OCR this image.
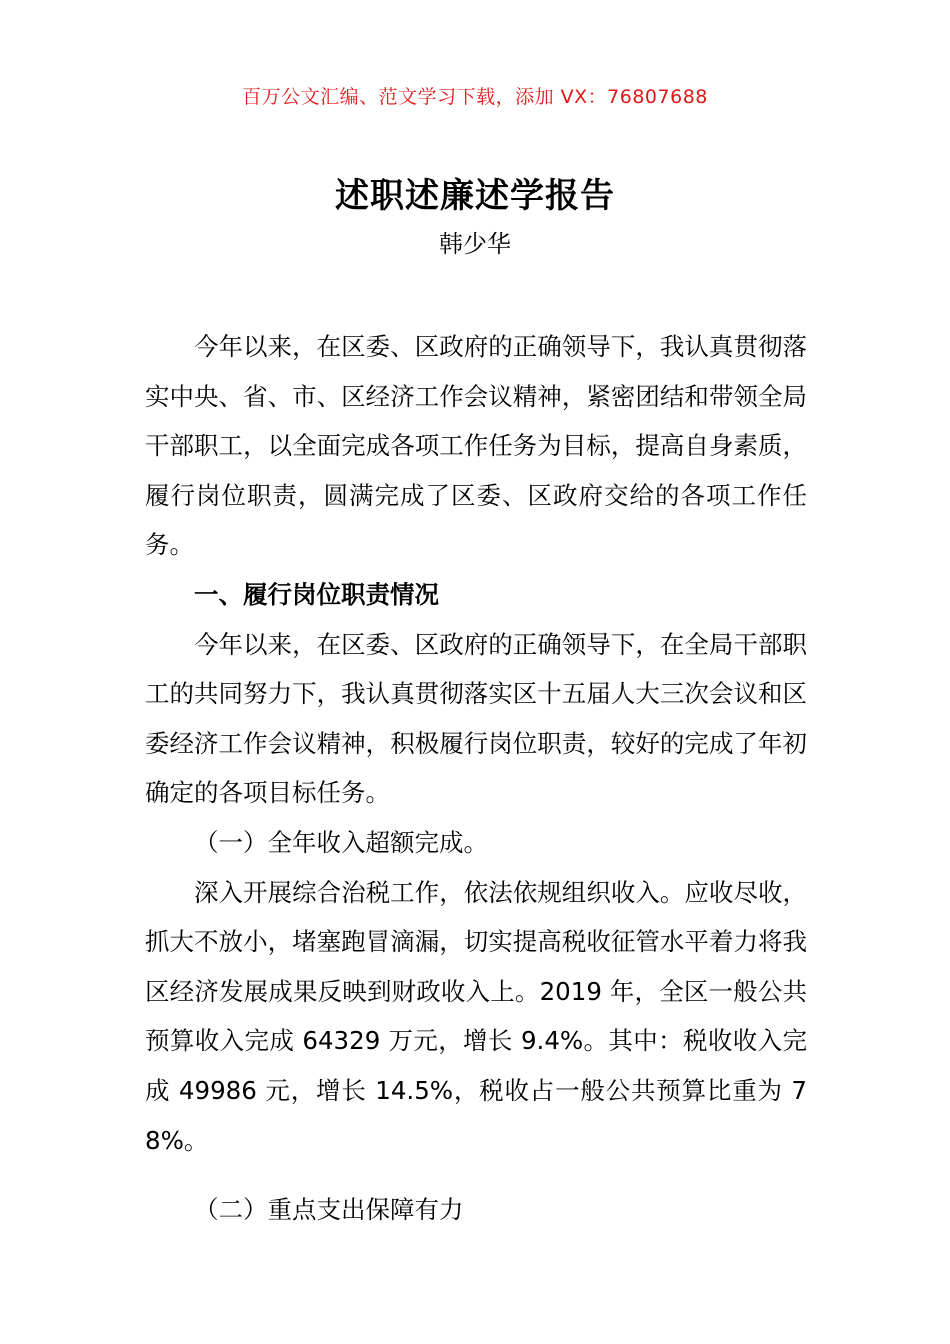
百万公文汇编、范文学习下载，添加 VX：76807688
述职述廉述学报告
韩少华

今年以来，在区委、区政府的正确领导下，我认真贯彻落实中央、省、市、区经济工作会议精神，紧密团结和带领全局干部职工，以全面完成各项工作任务为目标，提高自身素质，履行岗位职责，圆满完成了区委、区政府交给的各项工作任务。

一、履行岗位职责情况

今年以来，在区委、区政府的正确领导下，在全局干部职工的共同努力下，我认真贯彻落实区十五届人大三次会议和区委经济工作会议精神，积极履行岗位职责，较好的完成了年初确定的各项目标任务。

（一）全年收入超额完成。

深入开展综合治税工作，依法依规组织收入。应收尽收，抓大不放小，堵塞跑冒滴漏，切实提高税收征管水平着力将我区经济发展成果反映到财政收入上。2019 年，全区一般公共预算收入完成 64329 万元，增长 9.4%。其中：税收收入完成 49986 元，增长 14.5%，税收占一般公共预算比重为 78%。

（二）重点支出保障有力
